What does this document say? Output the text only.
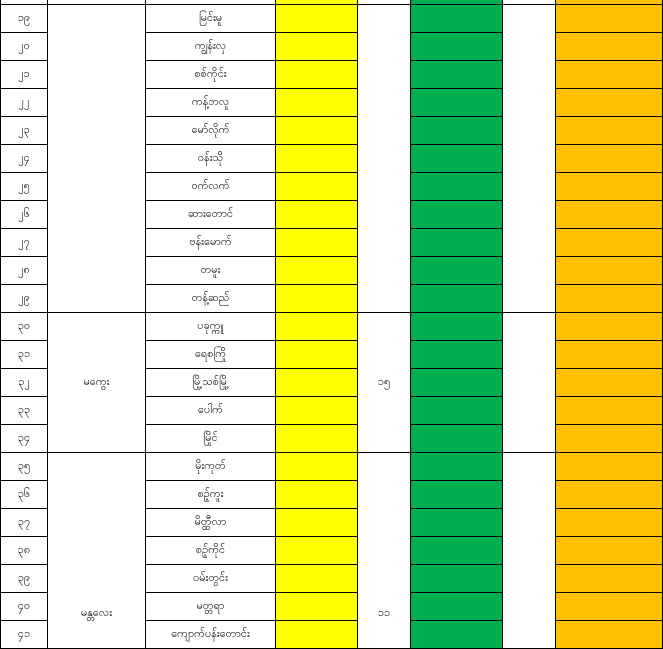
၁၁
မန္တလေး
၁၅
မကွေး
ကျောက်ပန်းတောင်း
၄၁
မတ္တရာ
၄၀
ဝမ်းတွင်း
၃၉
စဥ့်ကိုင်
၃၈
မိတ္ထီလာ
၃၇
စဥ့်ကူး
၃၆
မိုးကုတ်
၃၅
မြိုင်
၃၄
ပေါက်
၃၃
မြို့သစ်မြို့
၃၂
ရေစကြို
၃၁
ပခုက္ကူ
၃၀
တန့်ဆည်
၂၉
တမူး
၂၈
ဗန်းမောက်
၂၇
ဆားတောင်
၂၆
ဝက်လက်
၂၅
ဝန်းသို
၂၄
မော်လိုက်
၂၃
ကန့်ဘလူ
၂၂
စစ်ကိုင်း
၂၁
ကျွန်းလှ
၂၀
မြင်းမူ
၁၉
